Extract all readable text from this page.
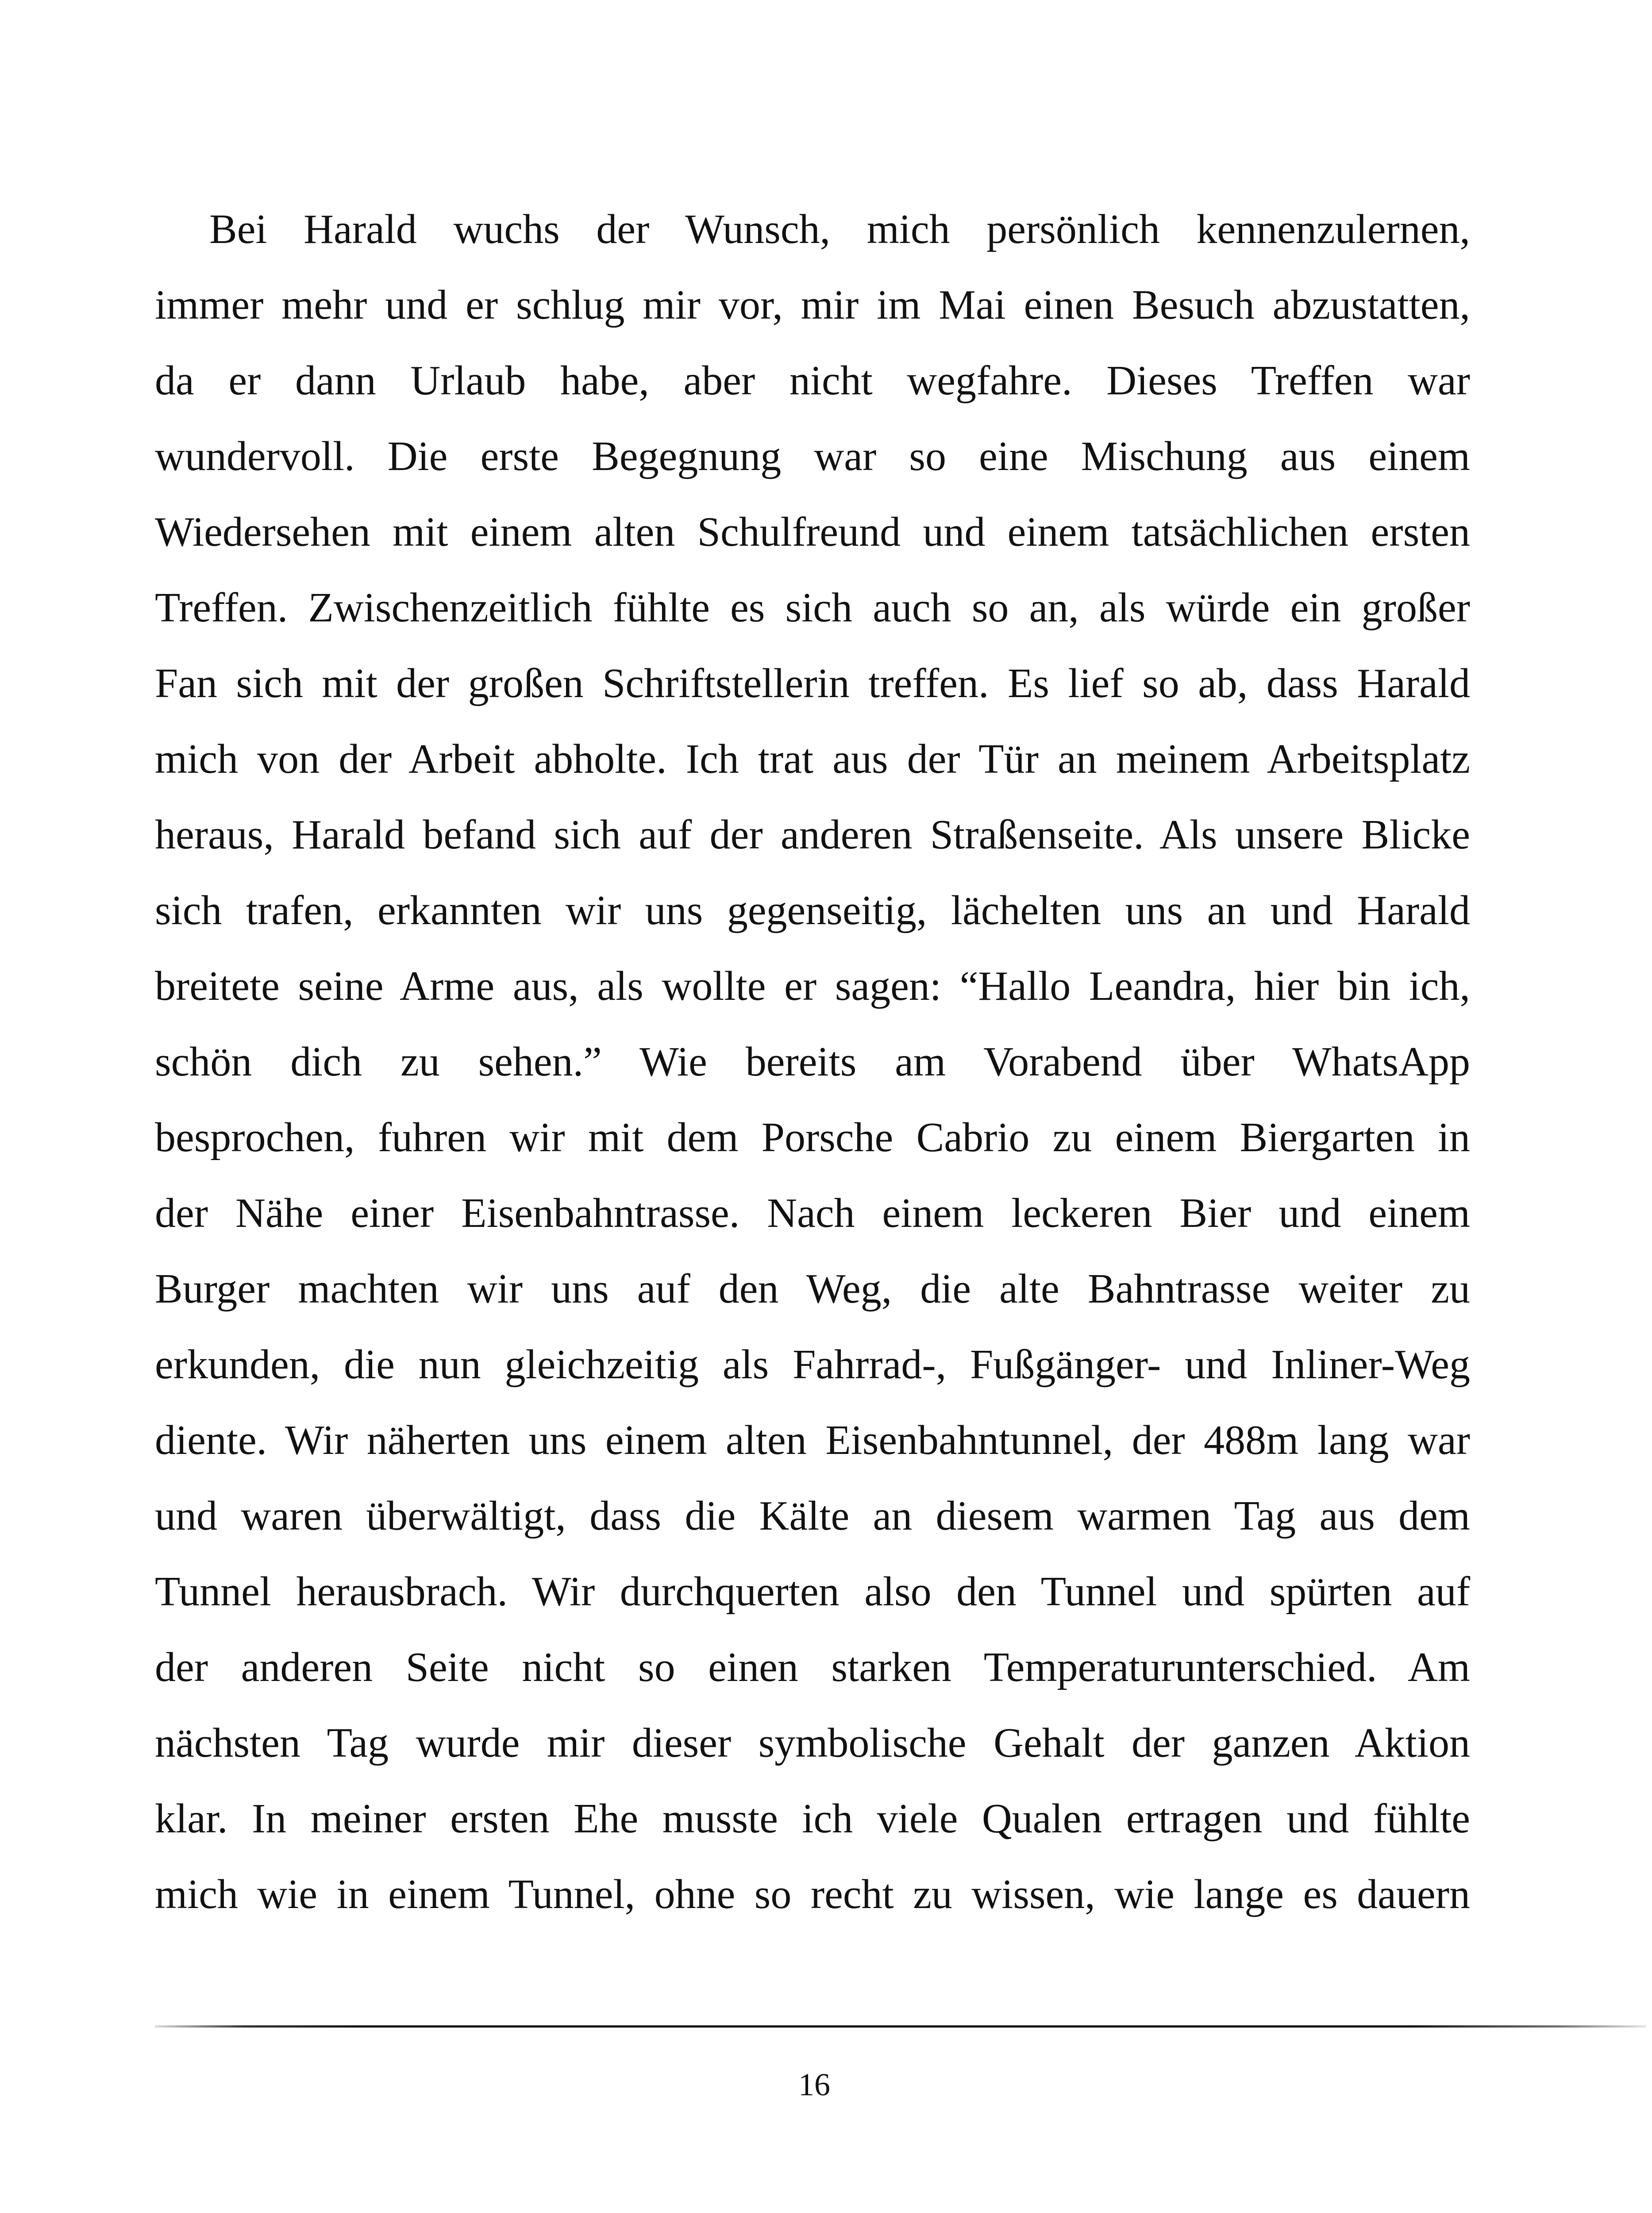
Bei Harald wuchs der Wunsch, mich persönlich kennenzulernen,
immer mehr und er schlug mir vor, mir im Mai einen Besuch abzustatten,
da er dann Urlaub habe, aber nicht wegfahre. Dieses Treffen war
wundervoll. Die erste Begegnung war so eine Mischung aus einem
Wiedersehen mit einem alten Schulfreund und einem tatsächlichen ersten
Treffen. Zwischenzeitlich fühlte es sich auch so an, als würde ein großer
Fan sich mit der großen Schriftstellerin treffen. Es lief so ab, dass Harald
mich von der Arbeit abholte. Ich trat aus der Tür an meinem Arbeitsplatz
heraus, Harald befand sich auf der anderen Straßenseite. Als unsere Blicke
sich trafen, erkannten wir uns gegenseitig, lächelten uns an und Harald
breitete seine Arme aus, als wollte er sagen: “Hallo Leandra, hier bin ich,
schön dich zu sehen.” Wie bereits am Vorabend über WhatsApp
besprochen, fuhren wir mit dem Porsche Cabrio zu einem Biergarten in
der Nähe einer Eisenbahntrasse. Nach einem leckeren Bier und einem
Burger machten wir uns auf den Weg, die alte Bahntrasse weiter zu
erkunden, die nun gleichzeitig als Fahrrad-, Fußgänger- und Inliner-Weg
diente. Wir näherten uns einem alten Eisenbahntunnel, der 488m lang war
und waren überwältigt, dass die Kälte an diesem warmen Tag aus dem
Tunnel herausbrach. Wir durchquerten also den Tunnel und spürten auf
der anderen Seite nicht so einen starken Temperaturunterschied. Am
nächsten Tag wurde mir dieser symbolische Gehalt der ganzen Aktion
klar. In meiner ersten Ehe musste ich viele Qualen ertragen und fühlte
mich wie in einem Tunnel, ohne so recht zu wissen, wie lange es dauern
16
